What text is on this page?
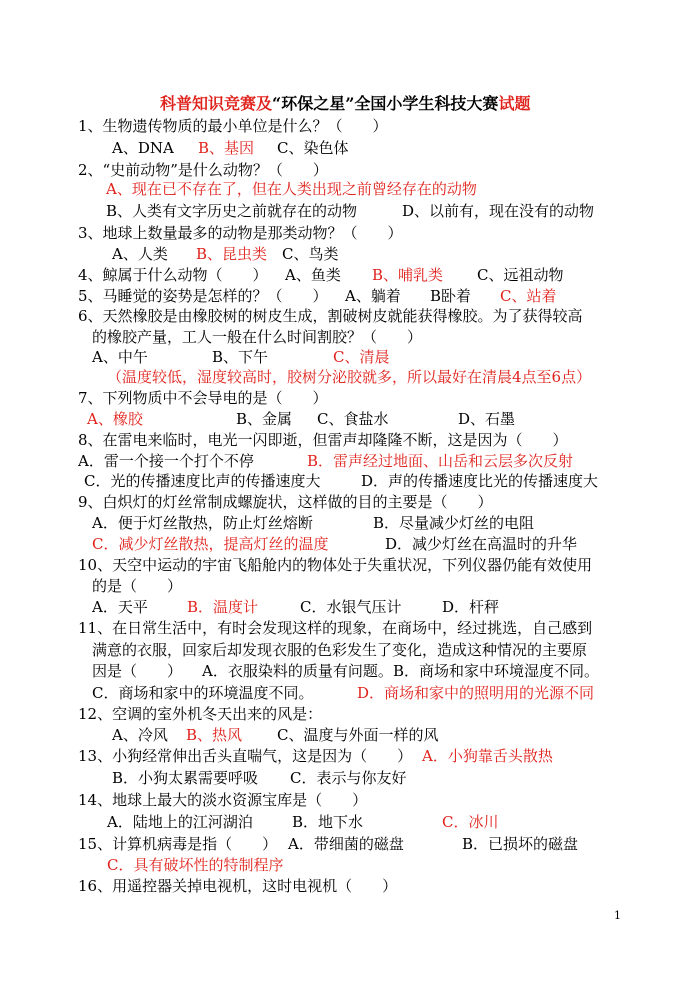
科普知识竞赛及“环保之星”全国小学生科技大赛试题
1、生物遗传物质的最小单位是什么？（　　）
A、DNA B、基因 C、染色体
2、“史前动物”是什么动物？（　　）
A、现在已不存在了，但在人类出现之前曾经存在的动物
B、人类有文字历史之前就存在的动物	D、以前有，现在没有的动物
3、地球上数量最多的动物是那类动物？（　　）
A、人类 B、昆虫类 C、鸟类
4、鲸属于什么动物（　　） A、鱼类 B、哺乳类 C、远祖动物
5、马睡觉的姿势是怎样的？（　　） A、躺着 B卧着 C、站着
6、天然橡胶是由橡胶树的树皮生成，割破树皮就能获得橡胶。为了获得较高
的橡胶产量，工人一般在什么时间割胶？（　　）
A、中午	B、下午	C、清晨
（温度较低，湿度较高时，胶树分泌胶就多，所以最好在清晨4点至6点）
7、下列物质中不会导电的是（　　）
A、橡胶	B、金属 C、食盐水	D、石墨
8、在雷电来临时，电光一闪即逝，但雷声却隆隆不断，这是因为（　　）
A．雷一个接一个打个不停	B．雷声经过地面、山岳和云层多次反射
C．光的传播速度比声的传播速度大	D．声的传播速度比光的传播速度大
9、白炽灯的灯丝常制成螺旋状，这样做的目的主要是（　　）
A．便于灯丝散热，防止灯丝熔断	B．尽量减少灯丝的电阻
C．减少灯丝散热，提高灯丝的温度	D．减少灯丝在高温时的升华
10、天空中运动的宇宙飞船舱内的物体处于失重状况，下列仪器仍能有效使用
的是（　　）
A．天平	B．温度计	C．水银气压计	D．杆秤
11、在日常生活中，有时会发现这样的现象，在商场中，经过挑选，自己感到
满意的衣服，回家后却发现衣服的色彩发生了变化，造成这种情况的主要原
因是（　　） A．衣服染料的质量有问题。 B．商场和家中环境湿度不同。
C．商场和家中的环境温度不同。	D．商场和家中的照明用的光源不同
12、空调的室外机冬天出来的风是：
A、冷风 B、热风 C、温度与外面一样的风
13、小狗经常伸出舌头直喘气，这是因为（　　） A．小狗靠舌头散热
B．小狗太累需要呼吸 C．表示与你友好
14、地球上最大的淡水资源宝库是（　　）
A．陆地上的江河湖泊	B．地下水	C．冰川
15、计算机病毒是指（　　） A．带细菌的磁盘	B．已损坏的磁盘
C．具有破坏性的特制程序
16、用遥控器关掉电视机，这时电视机（　　）
1
